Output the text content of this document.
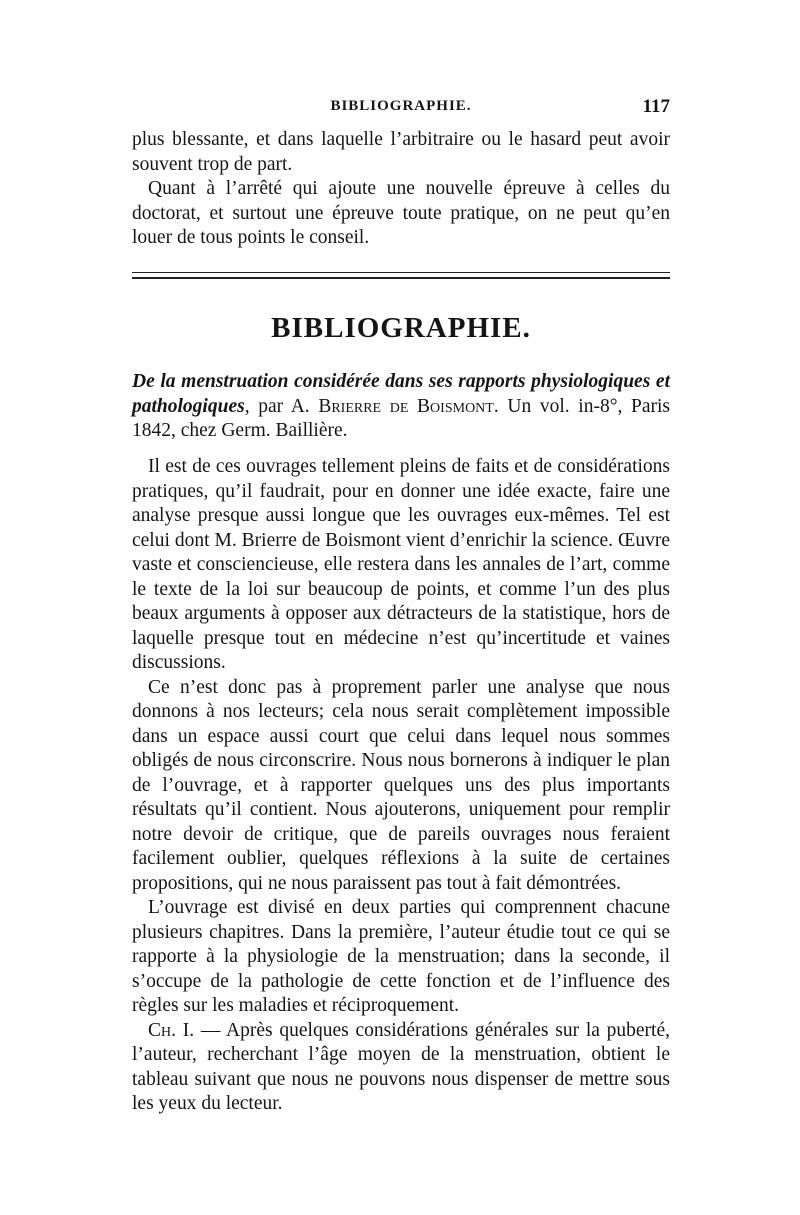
BIBLIOGRAPHIE.	117

plus blessante, et dans laquelle l’arbitraire ou le hasard peut avoir souvent trop de part.

Quant à l’arrêté qui ajoute une nouvelle épreuve à celles du doctorat, et surtout une épreuve toute pratique, on ne peut qu’en louer de tous points le conseil.

BIBLIOGRAPHIE.
De la menstruation considérée dans ses rapports physiologiques et pathologiques, par A. Brierre de Boismont. Un vol. in-8°, Paris 1842, chez Germ. Baillière.

Il est de ces ouvrages tellement pleins de faits et de considérations pratiques, qu’il faudrait, pour en donner une idée exacte, faire une analyse presque aussi longue que les ouvrages eux-mêmes. Tel est celui dont M. Brierre de Boismont vient d’enrichir la science. Œuvre vaste et consciencieuse, elle restera dans les annales de l’art, comme le texte de la loi sur beaucoup de points, et comme l’un des plus beaux arguments à opposer aux détracteurs de la statistique, hors de laquelle presque tout en médecine n’est qu’incertitude et vaines discussions.

Ce n’est donc pas à proprement parler une analyse que nous donnons à nos lecteurs; cela nous serait complètement impossible dans un espace aussi court que celui dans lequel nous sommes obligés de nous circonscrire. Nous nous bornerons à indiquer le plan de l’ouvrage, et à rapporter quelques uns des plus importants résultats qu’il contient. Nous ajouterons, uniquement pour remplir notre devoir de critique, que de pareils ouvrages nous feraient facilement oublier, quelques réflexions à la suite de certaines propositions, qui ne nous paraissent pas tout à fait démontrées.

L’ouvrage est divisé en deux parties qui comprennent chacune plusieurs chapitres. Dans la première, l’auteur étudie tout ce qui se rapporte à la physiologie de la menstruation; dans la seconde, il s’occupe de la pathologie de cette fonction et de l’influence des règles sur les maladies et réciproquement.

Ch. I. — Après quelques considérations générales sur la puberté, l’auteur, recherchant l’âge moyen de la menstruation, obtient le tableau suivant que nous ne pouvons nous dispenser de mettre sous les yeux du lecteur.
